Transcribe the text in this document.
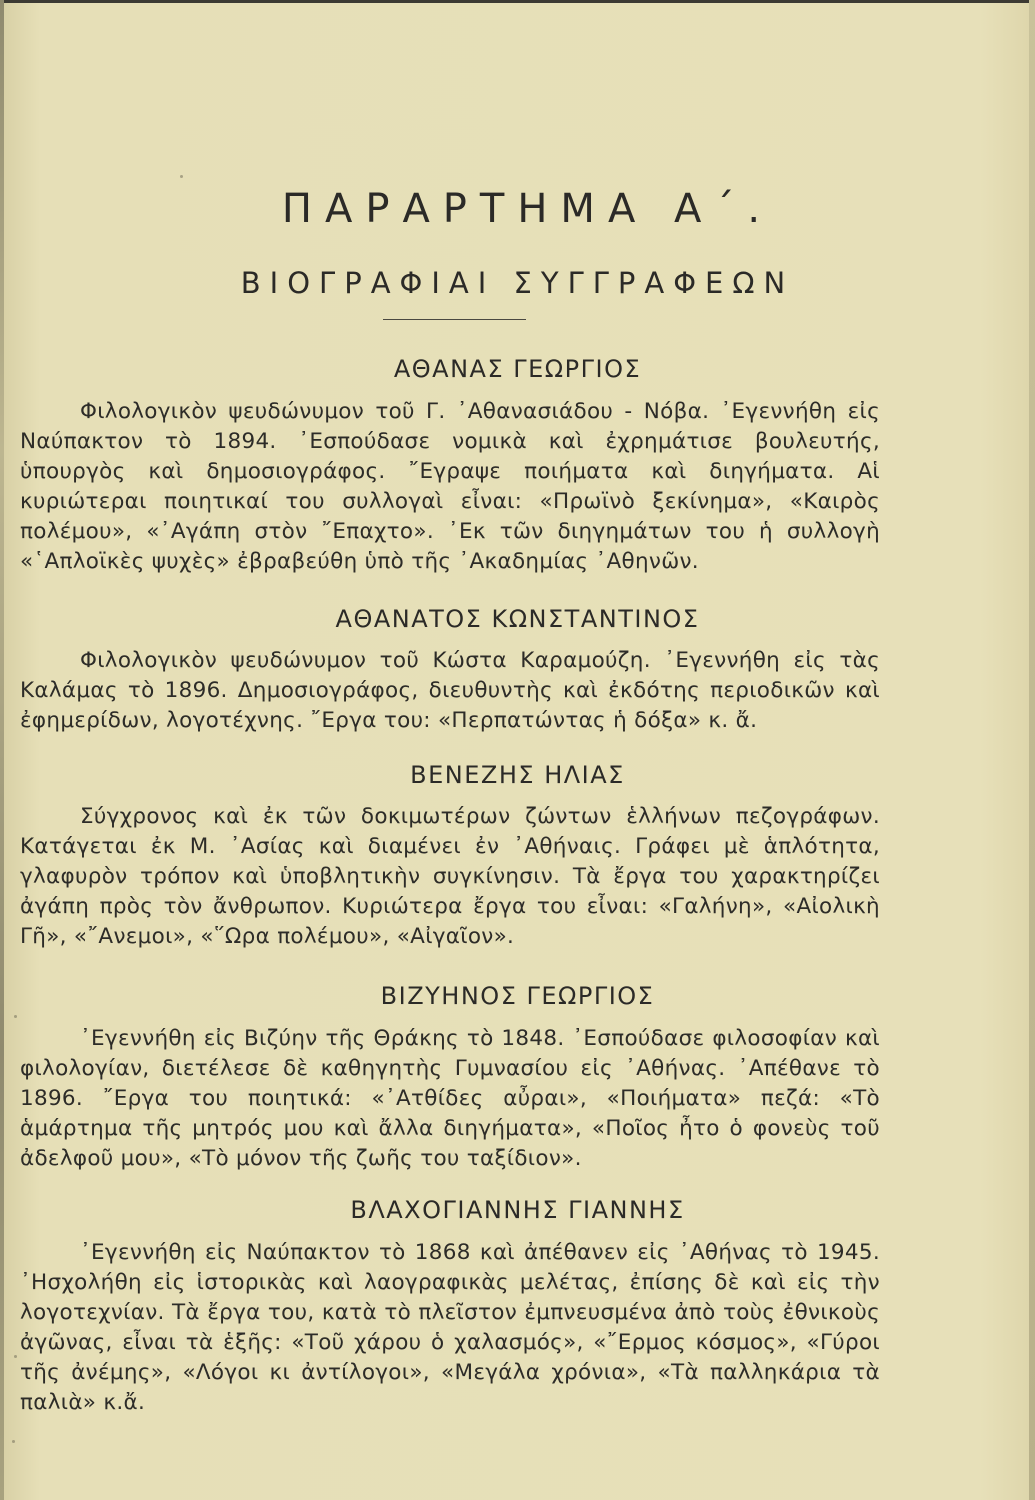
ΠΑΡΑΡΤΗΜΑ Α΄.
ΒΙΟΓΡΑΦΙΑΙ ΣΥΓΓΡΑΦΕΩΝ
ΑΘΑΝΑΣ ΓΕΩΡΓΙΟΣ
Φιλολογικὸν ψευδώνυμον τοῦ Γ. ᾿Αθανασιάδου - Νόβα. ᾿Εγεννήθη εἰς Ναύπακτον τὸ 1894. ᾿Εσπούδασε νομικὰ καὶ ἐχρημάτισε βουλευτής, ὑπουργὸς καὶ δημοσιογράφος. ῎Εγραψε ποιήματα καὶ διηγήματα. Αἱ κυριώτεραι ποιητικαί του συλλογαὶ εἶναι: «Πρωϊνὸ ξεκίνημα», «Καιρὸς πολέμου», «᾿Αγάπη στὸν ῎Επαχτο». ᾿Εκ τῶν διηγημάτων του ἡ συλλογὴ «῾Απλοϊκὲς ψυχὲς» ἐβραβεύθη ὑπὸ τῆς ᾿Ακαδημίας ᾿Αθηνῶν.
ΑΘΑΝΑΤΟΣ ΚΩΝΣΤΑΝΤΙΝΟΣ
Φιλολογικὸν ψευδώνυμον τοῦ Κώστα Καραμούζη. ᾿Εγεννήθη εἰς τὰς Καλάμας τὸ 1896. Δημοσιογράφος, διευθυντὴς καὶ ἐκδότης περιοδικῶν καὶ ἐφημερίδων, λογοτέχνης. ῎Εργα του: «Περπατώντας ἡ δόξα» κ. ἄ.
ΒΕΝΕΖΗΣ ΗΛΙΑΣ
Σύγχρονος καὶ ἐκ τῶν δοκιμωτέρων ζώντων ἑλλήνων πεζογράφων. Κατάγεται ἐκ Μ. ᾿Ασίας καὶ διαμένει ἐν ᾿Αθήναις. Γράφει μὲ ἁπλότητα, γλαφυρὸν τρόπον καὶ ὑποβλητικὴν συγκίνησιν. Τὰ ἔργα του χαρακτηρίζει ἀγάπη πρὸς τὸν ἄνθρωπον. Κυριώτερα ἔργα του εἶναι: «Γαλήνη», «Αἰολικὴ Γῆ», «῎Ανεμοι», «῞Ωρα πολέμου», «Αἰγαῖον».
ΒΙΖΥΗΝΟΣ ΓΕΩΡΓΙΟΣ
᾿Εγεννήθη εἰς Βιζύην τῆς Θράκης τὸ 1848. ᾿Εσπούδασε φιλοσοφίαν καὶ φιλολογίαν, διετέλεσε δὲ καθηγητὴς Γυμνασίου εἰς ᾿Αθήνας. ᾿Απέθανε τὸ 1896. ῎Εργα του ποιητικά: «᾿Ατθίδες αὖραι», «Ποιήματα» πεζά: «Τὸ ἁμάρτημα τῆς μητρός μου καὶ ἄλλα διηγήματα», «Ποῖος ἦτο ὁ φονεὺς τοῦ ἀδελφοῦ μου», «Τὸ μόνον τῆς ζωῆς του ταξίδιον».
ΒΛΑΧΟΓΙΑΝΝΗΣ ΓΙΑΝΝΗΣ
᾿Εγεννήθη εἰς Ναύπακτον τὸ 1868 καὶ ἀπέθανεν εἰς ᾿Αθήνας τὸ 1945. ᾿Ησχολήθη εἰς ἱστορικὰς καὶ λαογραφικὰς μελέτας, ἐπίσης δὲ καὶ εἰς τὴν λογοτεχνίαν. Τὰ ἔργα του, κατὰ τὸ πλεῖστον ἐμπνευσμένα ἀπὸ τοὺς ἐθνικοὺς ἀγῶνας, εἶναι τὰ ἑξῆς: «Τοῦ χάρου ὁ χαλασμός», «῎Ερμος κόσμος», «Γύροι τῆς ἀνέμης», «Λόγοι κι ἀντίλογοι», «Μεγάλα χρόνια», «Τὰ παλληκάρια τὰ παλιὰ» κ.ἄ.
